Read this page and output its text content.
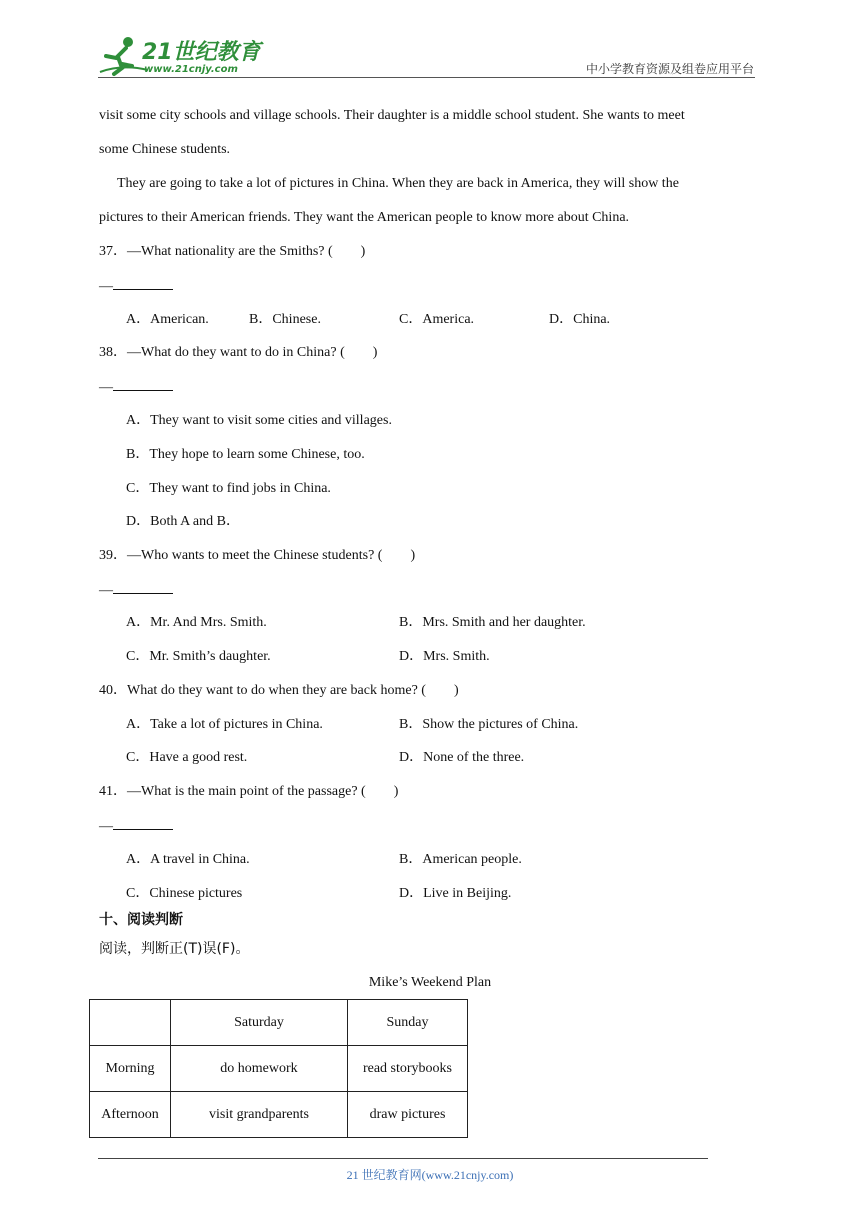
21世纪教育
www.21cnjy.com	中小学教育资源及组卷应用平台
visit some city schools and village schools. Their daughter is a middle school student. She wants to meet
some Chinese students.
They are going to take a lot of pictures in China. When they are back in America, they will show the
pictures to their American friends. They want the American people to know more about China.
37．—What nationality are the Smiths? (　　)
—
A．American.	B．Chinese.	C．America.	D．China.
38．—What do they want to do in China? (　　)
—
A．They want to visit some cities and villages.
B．They hope to learn some Chinese, too.
C．They want to find jobs in China.
D．Both A and B．
39．—Who wants to meet the Chinese students? (　　)
—
A．Mr. And Mrs. Smith.	B．Mrs. Smith and her daughter.
C．Mr. Smith’s daughter.	D．Mrs. Smith.
40．What do they want to do when they are back home? (　　)
A．Take a lot of pictures in China.	B．Show the pictures of China.
C．Have a good rest.	D．None of the three.
41．—What is the main point of the passage? (　　)
—
A．A travel in China.	B．American people.
C．Chinese pictures	D．Live in Beijing.
十、阅读判断
阅读，判断正(T)误(F)。
Mike’s Weekend Plan
	Saturday	Sunday
Morning	do homework	read storybooks
Afternoon	visit grandparents	draw pictures
21 世纪教育网(www.21cnjy.com)
